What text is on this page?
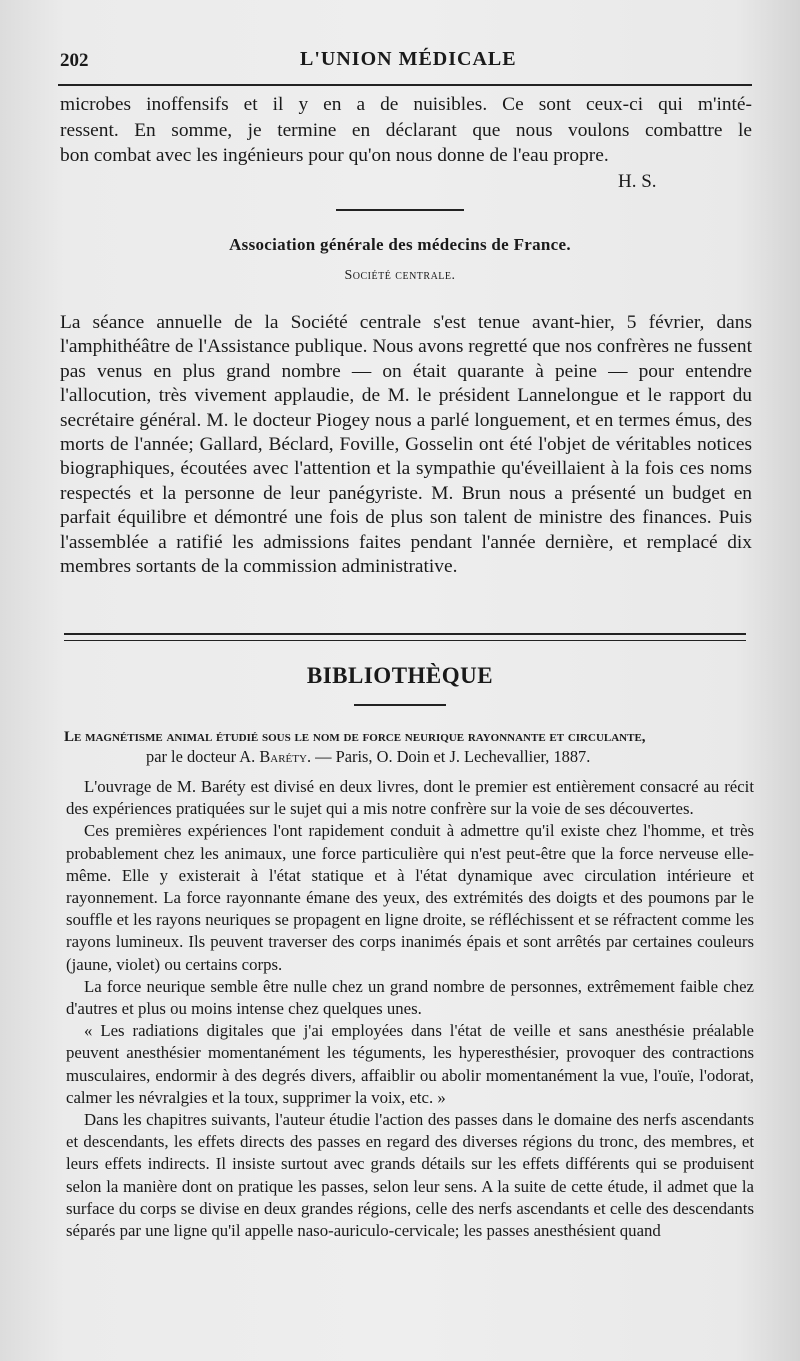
202	L'UNION MÉDICALE

microbes inoffensifs et il y en a de nuisibles. Ce sont ceux-ci qui m'inté-

ressent. En somme, je termine en déclarant que nous voulons combattre le

bon combat avec les ingénieurs pour qu'on nous donne de l'eau propre.

H. S.
Association générale des médecins de France.
Société centrale.

La séance annuelle de la Société centrale s'est tenue avant-hier, 5 février, dans l'amphithéâtre de l'Assistance publique. Nous avons regretté que nos confrères ne fussent pas venus en plus grand nombre — on était quarante à peine — pour entendre l'allocution, très vivement applaudie, de M. le président Lannelongue et le rapport du secrétaire général. M. le docteur Piogey nous a parlé longuement, et en termes émus, des morts de l'année; Gallard, Béclard, Foville, Gosselin ont été l'objet de véritables notices biographiques, écoutées avec l'attention et la sympathie qu'éveillaient à la fois ces noms respectés et la personne de leur panégyriste. M. Brun nous a présenté un budget en parfait équilibre et démontré une fois de plus son talent de ministre des finances. Puis l'assemblée a ratifié les admissions faites pendant l'année dernière, et remplacé dix membres sortants de la commission administrative.

BIBLIOTHÈQUE
Le magnétisme animal étudié sous le nom de force neurique rayonnante et circulante,
par le docteur A. Baréty. — Paris, O. Doin et J. Lechevallier, 1887.

L'ouvrage de M. Baréty est divisé en deux livres, dont le premier est entièrement consacré au récit des expériences pratiquées sur le sujet qui a mis notre confrère sur la voie de ses découvertes.

Ces premières expériences l'ont rapidement conduit à admettre qu'il existe chez l'homme, et très probablement chez les animaux, une force particulière qui n'est peut-être que la force nerveuse elle-même. Elle y existerait à l'état statique et à l'état dynamique avec circulation intérieure et rayonnement. La force rayonnante émane des yeux, des extrémités des doigts et des poumons par le souffle et les rayons neuriques se propagent en ligne droite, se réfléchissent et se réfractent comme les rayons lumineux. Ils peuvent traverser des corps inanimés épais et sont arrêtés par certaines couleurs (jaune, violet) ou certains corps.

La force neurique semble être nulle chez un grand nombre de personnes, extrêmement faible chez d'autres et plus ou moins intense chez quelques unes.

« Les radiations digitales que j'ai employées dans l'état de veille et sans anesthésie préalable peuvent anesthésier momentanément les téguments, les hyperesthésier, provoquer des contractions musculaires, endormir à des degrés divers, affaiblir ou abolir momentanément la vue, l'ouïe, l'odorat, calmer les névralgies et la toux, supprimer la voix, etc. »

Dans les chapitres suivants, l'auteur étudie l'action des passes dans le domaine des nerfs ascendants et descendants, les effets directs des passes en regard des diverses régions du tronc, des membres, et leurs effets indirects. Il insiste surtout avec grands détails sur les effets différents qui se produisent selon la manière dont on pratique les passes, selon leur sens. A la suite de cette étude, il admet que la surface du corps se divise en deux grandes régions, celle des nerfs ascendants et celle des descendants séparés par une ligne qu'il appelle naso-auriculo-cervicale; les passes anesthésient quand
